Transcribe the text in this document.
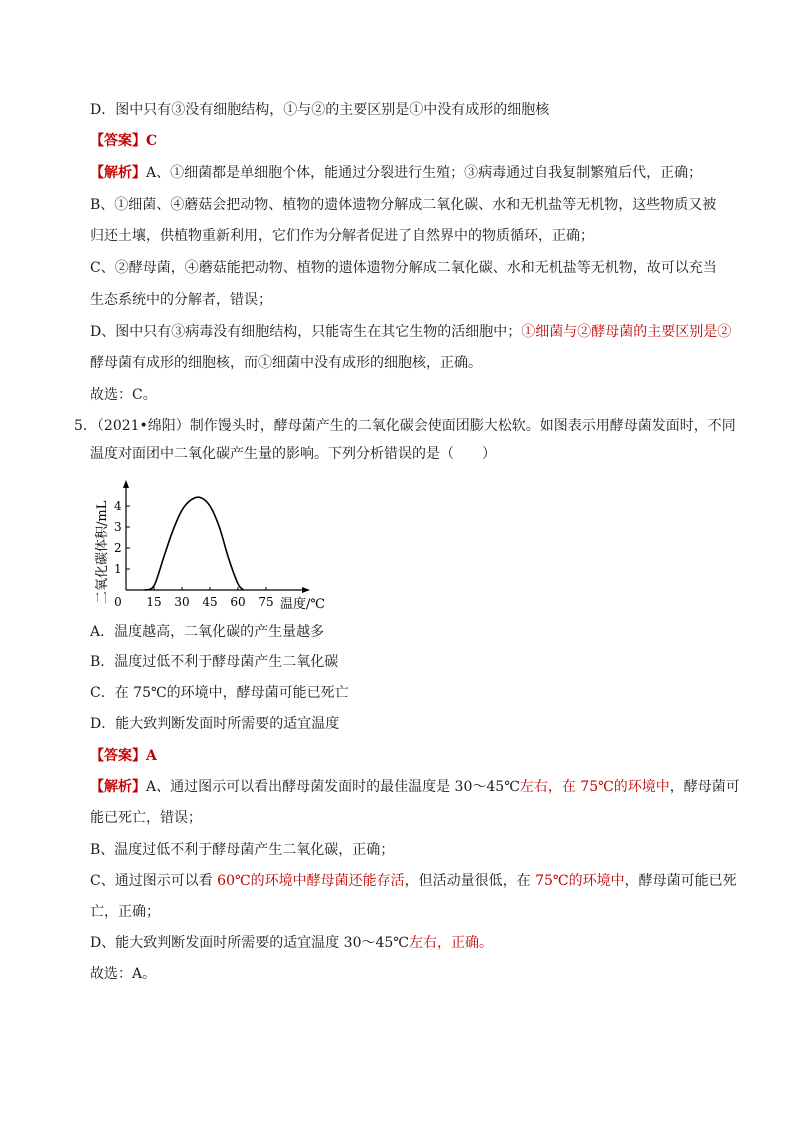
D．图中只有③没有细胞结构，①与②的主要区别是①中没有成形的细胞核
【答案】C
【解析】A、①细菌都是单细胞个体，能通过分裂进行生殖；③病毒通过自我复制繁殖后代，正确；
B、①细菌、④蘑菇会把动物、植物的遗体遗物分解成二氧化碳、水和无机盐等无机物，这些物质又被
归还土壤，供植物重新利用，它们作为分解者促进了自然界中的物质循环，正确；
C、②酵母菌，④蘑菇能把动物、植物的遗体遗物分解成二氧化碳、水和无机盐等无机物，故可以充当
生态系统中的分解者，错误；
D、图中只有③病毒没有细胞结构，只能寄生在其它生物的活细胞中；①细菌与②酵母菌的主要区别是②
酵母菌有成形的细胞核，而①细菌中没有成形的细胞核，正确。
故选：C。
5．（2021•绵阳）制作馒头时，酵母菌产生的二氧化碳会使面团膨大松软。如图表示用酵母菌发面时，不同
温度对面团中二氧化碳产生量的影响。下列分析错误的是（　　）
二氧化碳体积/mL 1
2
3
4
0 15 30 45 60 75 温度/℃
A．温度越高，二氧化碳的产生量越多
B．温度过低不利于酵母菌产生二氧化碳
C．在 75℃的环境中，酵母菌可能已死亡
D．能大致判断发面时所需要的适宜温度
【答案】A
【解析】A、通过图示可以看出酵母菌发面时的最佳温度是 30～45℃左右，在 75℃的环境中，酵母菌可
能已死亡，错误；
B、温度过低不利于酵母菌产生二氧化碳，正确；
C、通过图示可以看 60℃的环境中酵母菌还能存活，但活动量很低，在 75℃的环境中，酵母菌可能已死
亡，正确；
D、能大致判断发面时所需要的适宜温度 30～45℃左右，正确。
故选：A。
